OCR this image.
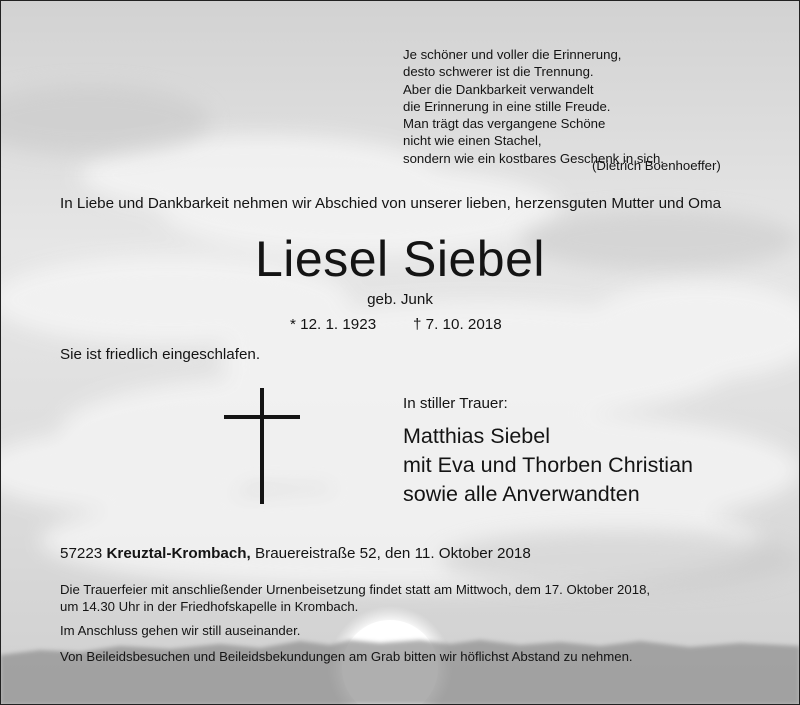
Je schöner und voller die Erinnerung,
desto schwerer ist die Trennung.
Aber die Dankbarkeit verwandelt
die Erinnerung in eine stille Freude.
Man trägt das vergangene Schöne
nicht wie einen Stachel,
sondern wie ein kostbares Geschenk in sich.

(Dietrich Boenhoeffer)

In Liebe und Dankbarkeit nehmen wir Abschied von unserer lieben, herzensguten Mutter und Oma

Liesel Siebel

geb. Junk

* 12. 1. 1923 † 7. 10. 2018

Sie ist friedlich eingeschlafen.

In stiller Trauer:

Matthias Siebel
mit Eva und Thorben Christian
sowie alle Anverwandten

57223 Kreuztal-Krombach, Brauereistraße 52, den 11. Oktober 2018

Die Trauerfeier mit anschließender Urnenbeisetzung findet statt am Mittwoch, dem 17. Oktober 2018,
um 14.30 Uhr in der Friedhofskapelle in Krombach.

Im Anschluss gehen wir still auseinander.

Von Beileidsbesuchen und Beileidsbekundungen am Grab bitten wir höflichst Abstand zu nehmen.
